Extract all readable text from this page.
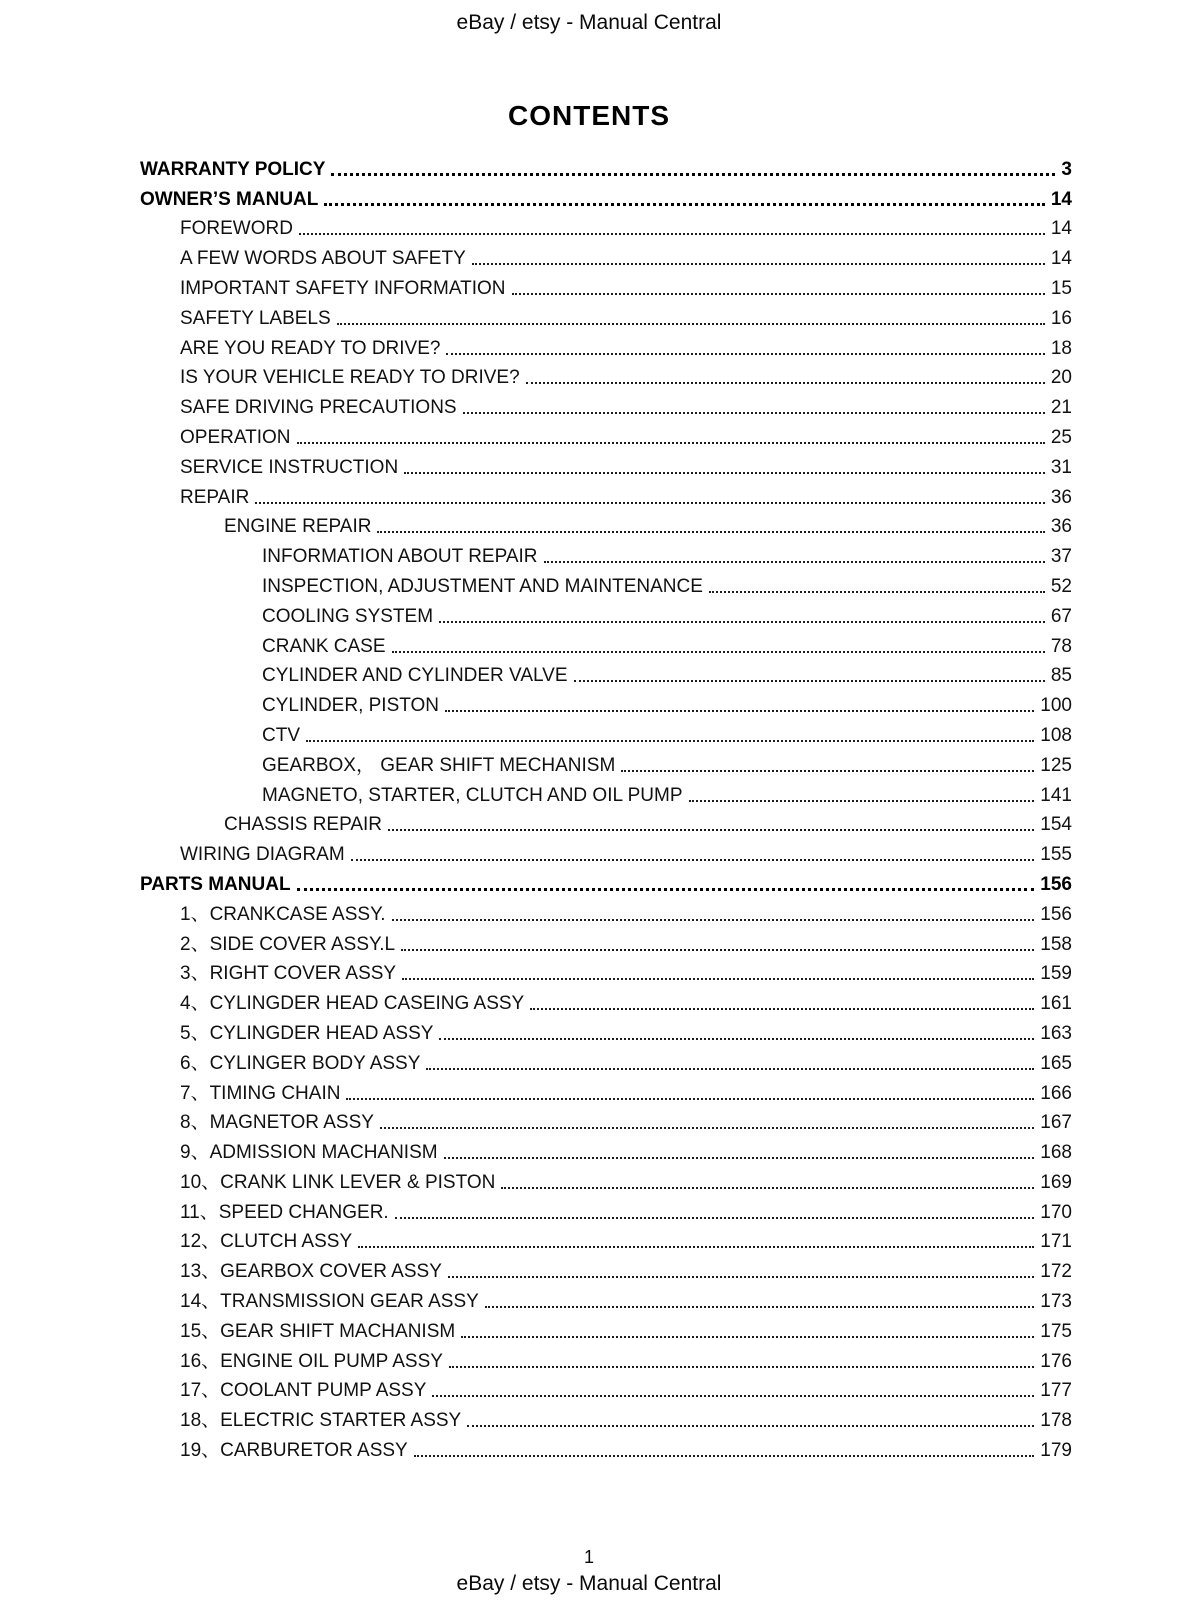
eBay / etsy - Manual Central
CONTENTS
WARRANTY POLICY	3
OWNER’S MANUAL	14
FOREWORD	14
A FEW WORDS ABOUT SAFETY	14
IMPORTANT SAFETY INFORMATION	15
SAFETY LABELS	16
ARE YOU READY TO DRIVE?	18
IS YOUR VEHICLE READY TO DRIVE?	20
SAFE DRIVING PRECAUTIONS	21
OPERATION	25
SERVICE INSTRUCTION	31
REPAIR	36
ENGINE REPAIR	36
INFORMATION ABOUT REPAIR	37
INSPECTION, ADJUSTMENT AND MAINTENANCE	52
COOLING SYSTEM	67
CRANK CASE	78
CYLINDER AND CYLINDER VALVE	85
CYLINDER, PISTON	100
CTV	108
GEARBOX， GEAR SHIFT MECHANISM	125
MAGNETO, STARTER, CLUTCH AND OIL PUMP	141
CHASSIS REPAIR	154
WIRING DIAGRAM	155
PARTS MANUAL	156
1、CRANKCASE ASSY.	156
2、SIDE COVER ASSY.L	158
3、RIGHT COVER ASSY	159
4、CYLINGDER HEAD CASEING ASSY	161
5、CYLINGDER HEAD ASSY	163
6、CYLINGER BODY ASSY	165
7、TIMING CHAIN	166
8、MAGNETOR ASSY	167
9、ADMISSION MACHANISM	168
10、CRANK LINK LEVER & PISTON	169
11、SPEED CHANGER.	170
12、CLUTCH ASSY	171
13、GEARBOX COVER ASSY	172
14、TRANSMISSION GEAR ASSY	173
15、GEAR SHIFT MACHANISM	175
16、ENGINE OIL PUMP ASSY	176
17、COOLANT PUMP ASSY	177
18、ELECTRIC STARTER ASSY	178
19、CARBURETOR ASSY	179
1
eBay / etsy - Manual Central
